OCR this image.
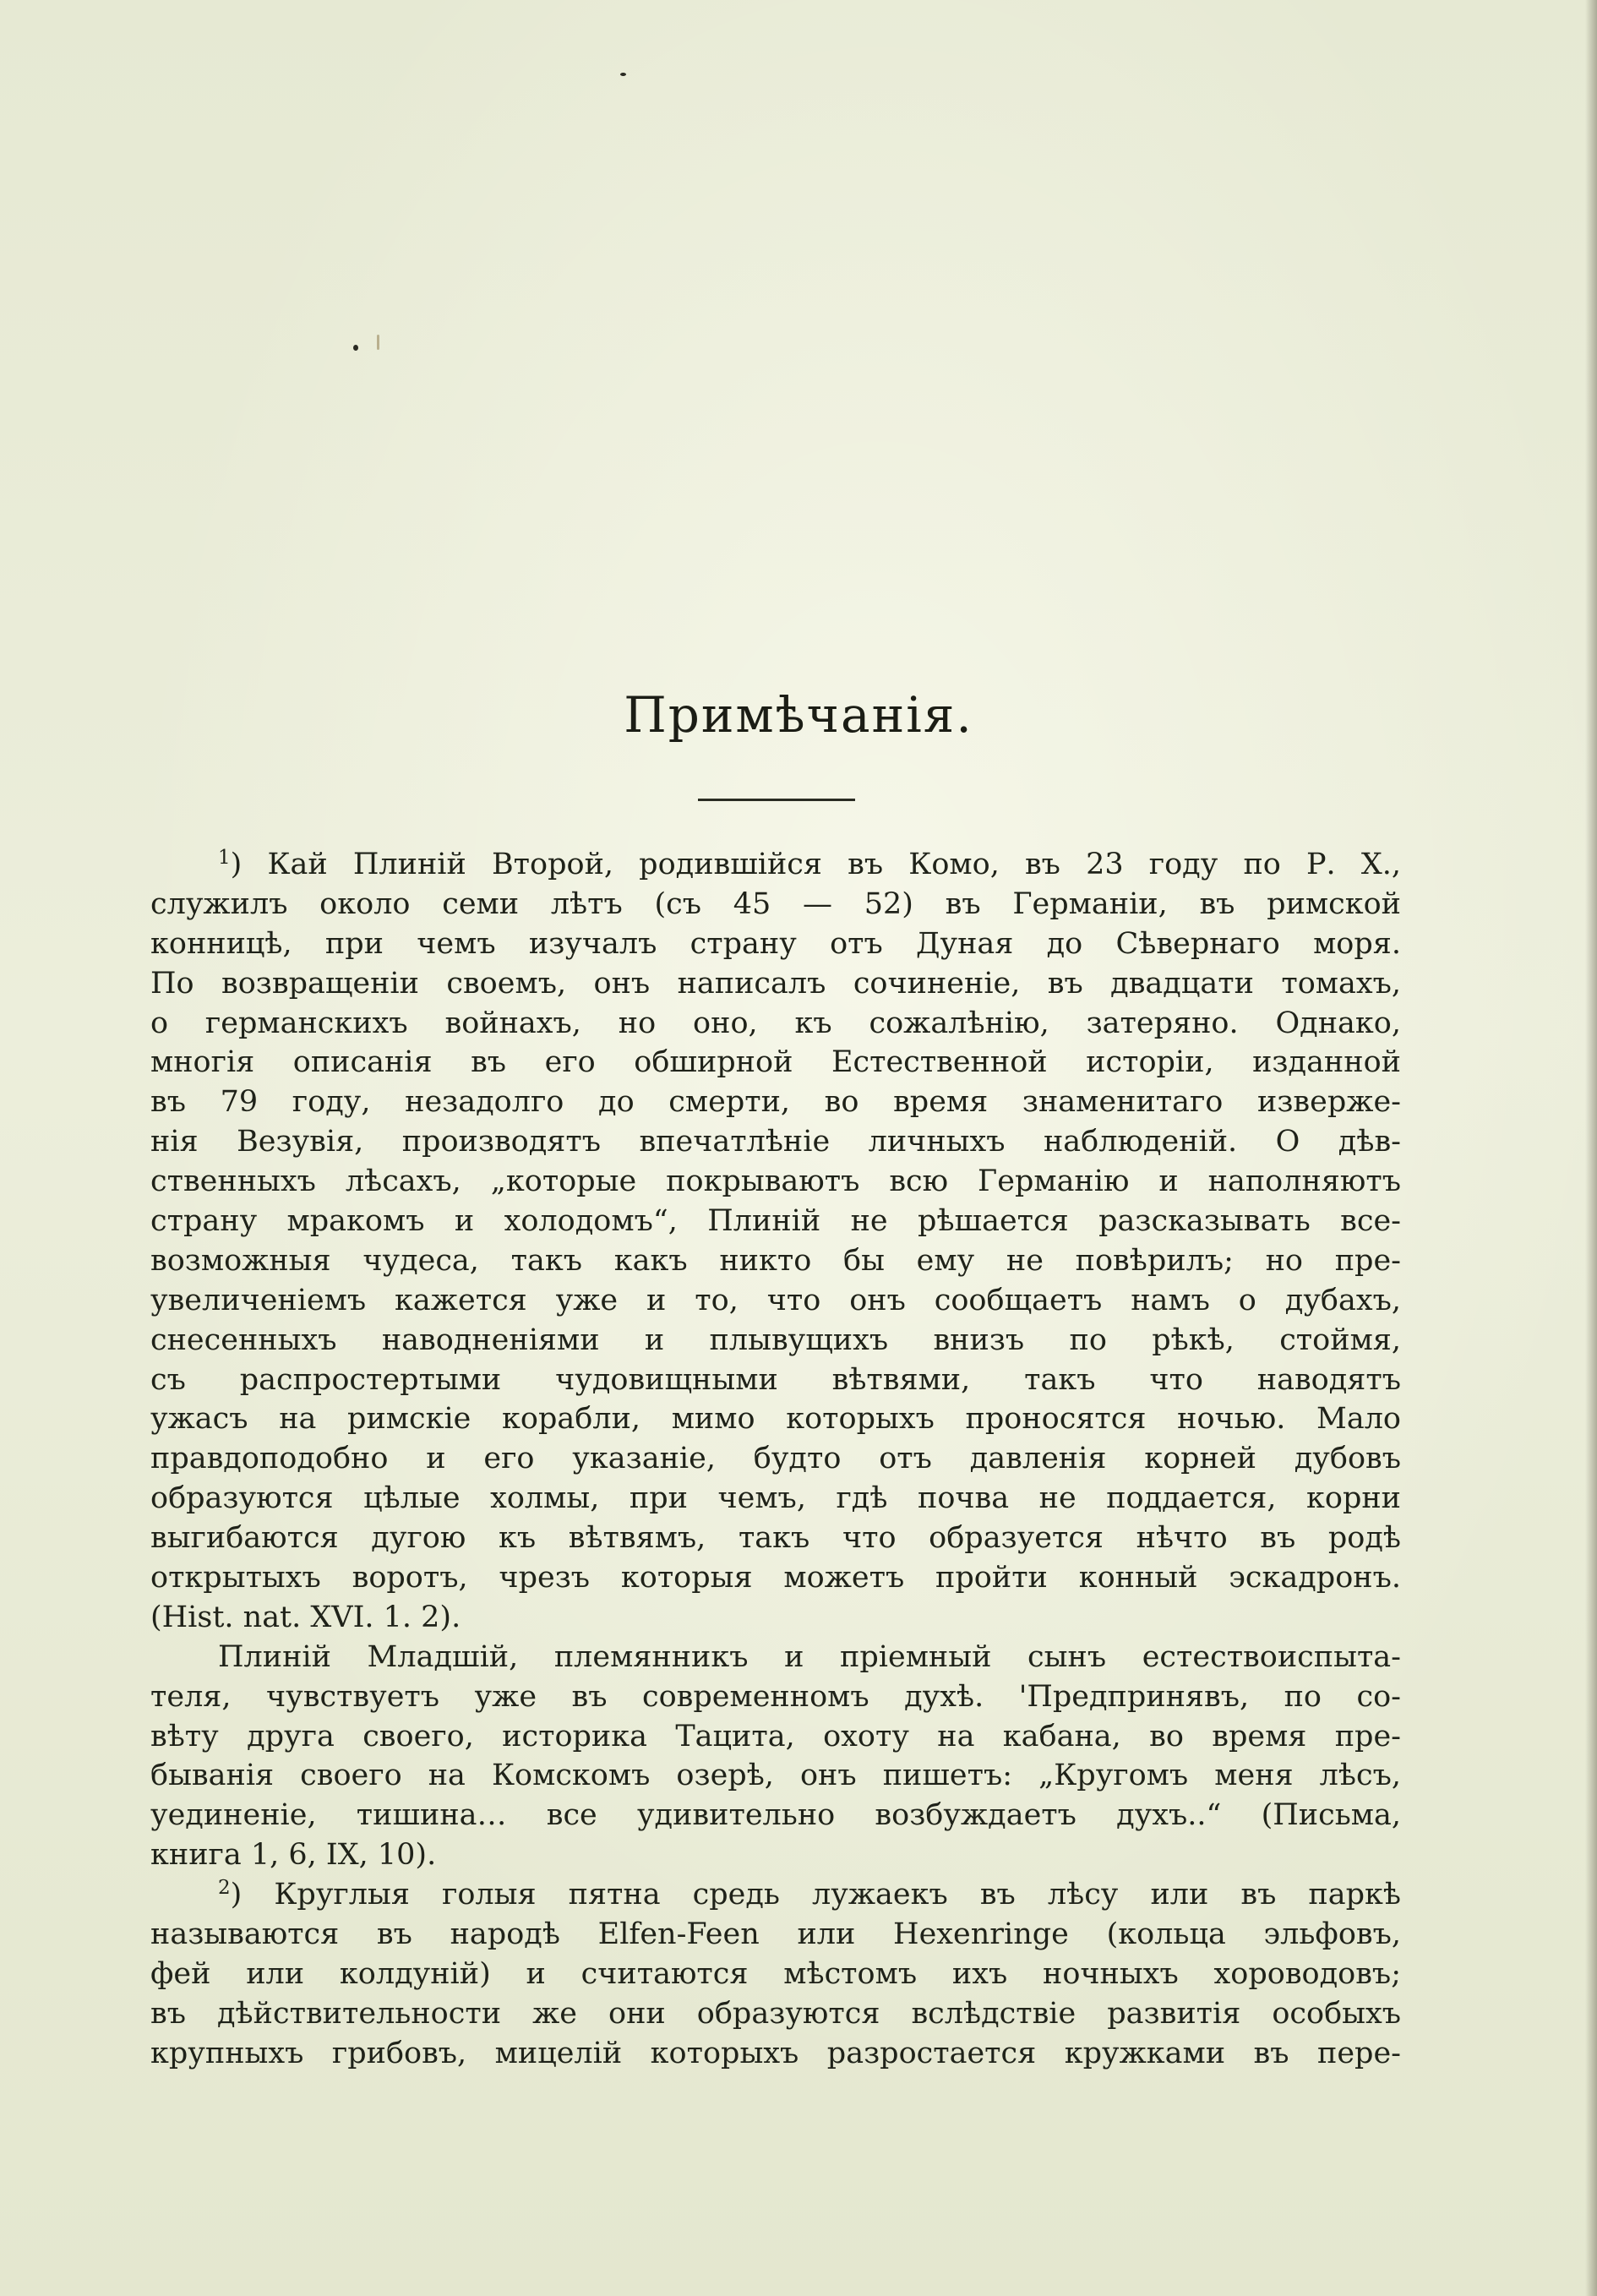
Примѣчанія.
$^1$) Кай Плиній Второй, родившійся въ Комо, въ 23 году по Р. Х.,
служилъ около семи лѣтъ (съ 45 — 52) въ Германіи, въ римской
конницѣ, при чемъ изучалъ страну отъ Дуная до Сѣвернаго моря.
По возвращеніи своемъ, онъ написалъ сочиненіе, въ двадцати томахъ,
о германскихъ войнахъ, но оно, къ сожалѣнію, затеряно. Однако,
многія описанія въ его обширной Естественной исторіи, изданной
въ 79 году, незадолго до смерти, во время знаменитаго изверже-
нія Везувія, производятъ впечатлѣніе личныхъ наблюденій. О дѣв-
ственныхъ лѣсахъ, „которые покрываютъ всю Германію и наполняютъ
страну мракомъ и холодомъ“, Плиній не рѣшается разсказывать все-
возможныя чудеса, такъ какъ никто бы ему не повѣрилъ; но пре-
увеличеніемъ кажется уже и то, что онъ сообщаетъ намъ о дубахъ,
снесенныхъ наводненіями и плывущихъ внизъ по рѣкѣ, стоймя,
съ распростертыми чудовищными вѣтвями, такъ что наводятъ
ужасъ на римскіе корабли, мимо которыхъ проносятся ночью. Мало
правдоподобно и его указаніе, будто отъ давленія корней дубовъ
образуются цѣлые холмы, при чемъ, гдѣ почва не поддается, корни
выгибаются дугою къ вѣтвямъ, такъ что образуется нѣчто въ родѣ
открытыхъ воротъ, чрезъ которыя можетъ пройти конный эскадронъ.
(Hist. nat. XVI. 1. 2).
Плиній Младшій, племянникъ и пріемный сынъ естествоиспыта-
теля, чувствуетъ уже въ современномъ духѣ. 'Предпринявъ, по со-
вѣту друга своего, историка Тацита, охоту на кабана, во время пре-
быванія своего на Комскомъ озерѣ, онъ пишетъ: „Кругомъ меня лѣсъ,
уединеніе, тишина… все удивительно возбуждаетъ духъ..“ (Письма,
книга 1, 6, IX, 10).
$^2$) Круглыя голыя пятна средь лужаекъ въ лѣсу или въ паркѣ
называются въ народѣ Elfen-Feen или Hexenringe (кольца эльфовъ,
фей или колдуній) и считаются мѣстомъ ихъ ночныхъ хороводовъ;
въ дѣйствительности же они образуются вслѣдствіе развитія особыхъ
крупныхъ грибовъ, мицелій которыхъ разростается кружками въ пере-
